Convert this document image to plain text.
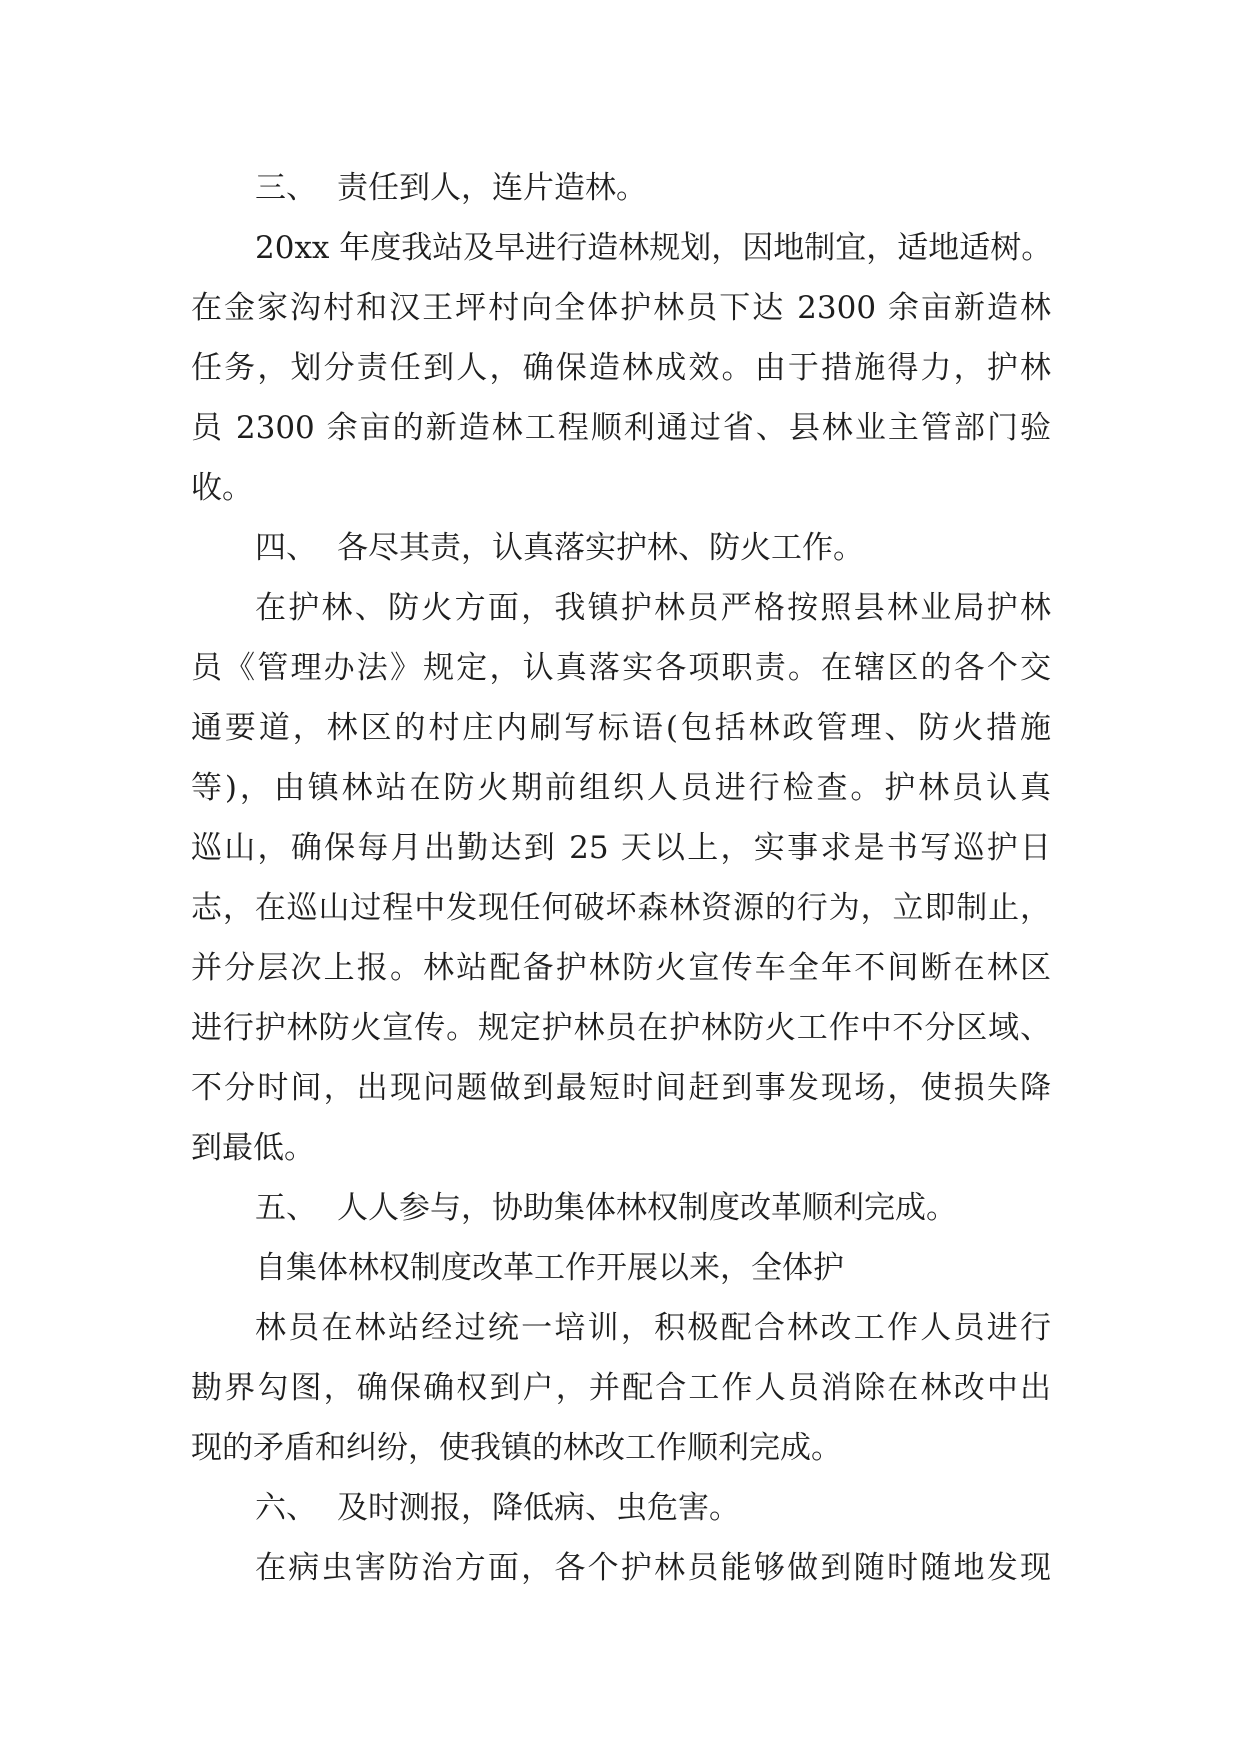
三、 责任到人，连片造林。
20xx 年度我站及早进行造林规划，因地制宜，适地适树。
在金家沟村和汉王坪村向全体护林员下达 2300 余亩新造林
任务，划分责任到人，确保造林成效。由于措施得力，护林
员 2300 余亩的新造林工程顺利通过省、县林业主管部门验
收。
四、 各尽其责，认真落实护林、防火工作。
在护林、防火方面，我镇护林员严格按照县林业局护林
员《管理办法》规定，认真落实各项职责。在辖区的各个交
通要道，林区的村庄内刷写标语(包括林政管理、防火措施
等)，由镇林站在防火期前组织人员进行检查。护林员认真
巡山，确保每月出勤达到 25 天以上，实事求是书写巡护日
志，在巡山过程中发现任何破坏森林资源的行为，立即制止，
并分层次上报。林站配备护林防火宣传车全年不间断在林区
进行护林防火宣传。规定护林员在护林防火工作中不分区域、
不分时间，出现问题做到最短时间赶到事发现场，使损失降
到最低。
五、 人人参与，协助集体林权制度改革顺利完成。
自集体林权制度改革工作开展以来，全体护
林员在林站经过统一培训，积极配合林改工作人员进行
勘界勾图，确保确权到户，并配合工作人员消除在林改中出
现的矛盾和纠纷，使我镇的林改工作顺利完成。
六、 及时测报，降低病、虫危害。
在病虫害防治方面，各个护林员能够做到随时随地发现
